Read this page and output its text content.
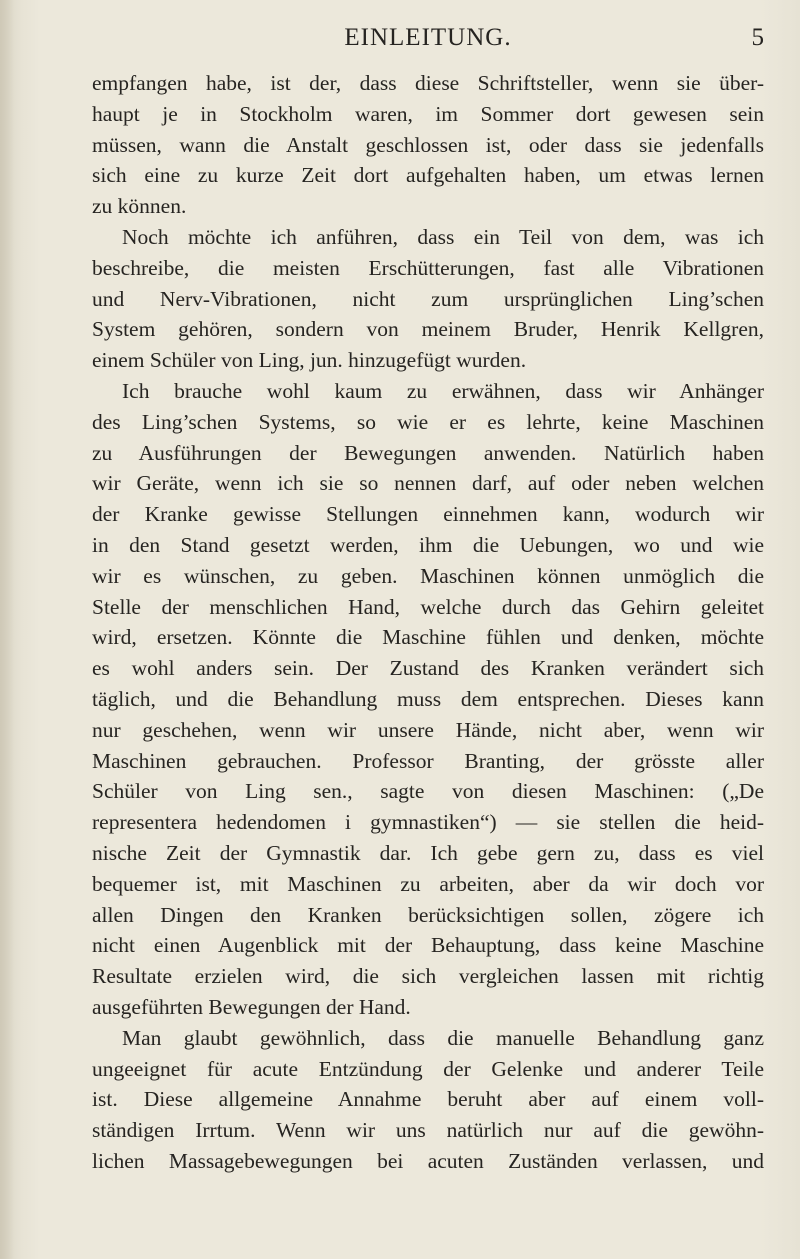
EINLEITUNG.	5
empfangen habe, ist der, dass diese Schriftsteller, wenn sie über-
haupt je in Stockholm waren, im Sommer dort gewesen sein
müssen, wann die Anstalt geschlossen ist, oder dass sie jedenfalls
sich eine zu kurze Zeit dort aufgehalten haben, um etwas lernen
zu können.
Noch möchte ich anführen, dass ein Teil von dem, was ich
beschreibe, die meisten Erschütterungen, fast alle Vibrationen
und Nerv-Vibrationen, nicht zum ursprünglichen Ling’schen
System gehören, sondern von meinem Bruder, Henrik Kellgren,
einem Schüler von Ling, jun. hinzugefügt wurden.
Ich brauche wohl kaum zu erwähnen, dass wir Anhänger
des Ling’schen Systems, so wie er es lehrte, keine Maschinen
zu Ausführungen der Bewegungen anwenden. Natürlich haben
wir Geräte, wenn ich sie so nennen darf, auf oder neben welchen
der Kranke gewisse Stellungen einnehmen kann, wodurch wir
in den Stand gesetzt werden, ihm die Uebungen, wo und wie
wir es wünschen, zu geben. Maschinen können unmöglich die
Stelle der menschlichen Hand, welche durch das Gehirn geleitet
wird, ersetzen. Könnte die Maschine fühlen und denken, möchte
es wohl anders sein. Der Zustand des Kranken verändert sich
täglich, und die Behandlung muss dem entsprechen. Dieses kann
nur geschehen, wenn wir unsere Hände, nicht aber, wenn wir
Maschinen gebrauchen. Professor Branting, der grösste aller
Schüler von Ling sen., sagte von diesen Maschinen: („De
representera hedendomen i gymnastiken“) — sie stellen die heid-
nische Zeit der Gymnastik dar. Ich gebe gern zu, dass es viel
bequemer ist, mit Maschinen zu arbeiten, aber da wir doch vor
allen Dingen den Kranken berücksichtigen sollen, zögere ich
nicht einen Augenblick mit der Behauptung, dass keine Maschine
Resultate erzielen wird, die sich vergleichen lassen mit richtig
ausgeführten Bewegungen der Hand.
Man glaubt gewöhnlich, dass die manuelle Behandlung ganz
ungeeignet für acute Entzündung der Gelenke und anderer Teile
ist. Diese allgemeine Annahme beruht aber auf einem voll-
ständigen Irrtum. Wenn wir uns natürlich nur auf die gewöhn-
lichen Massagebewegungen bei acuten Zuständen verlassen, und
